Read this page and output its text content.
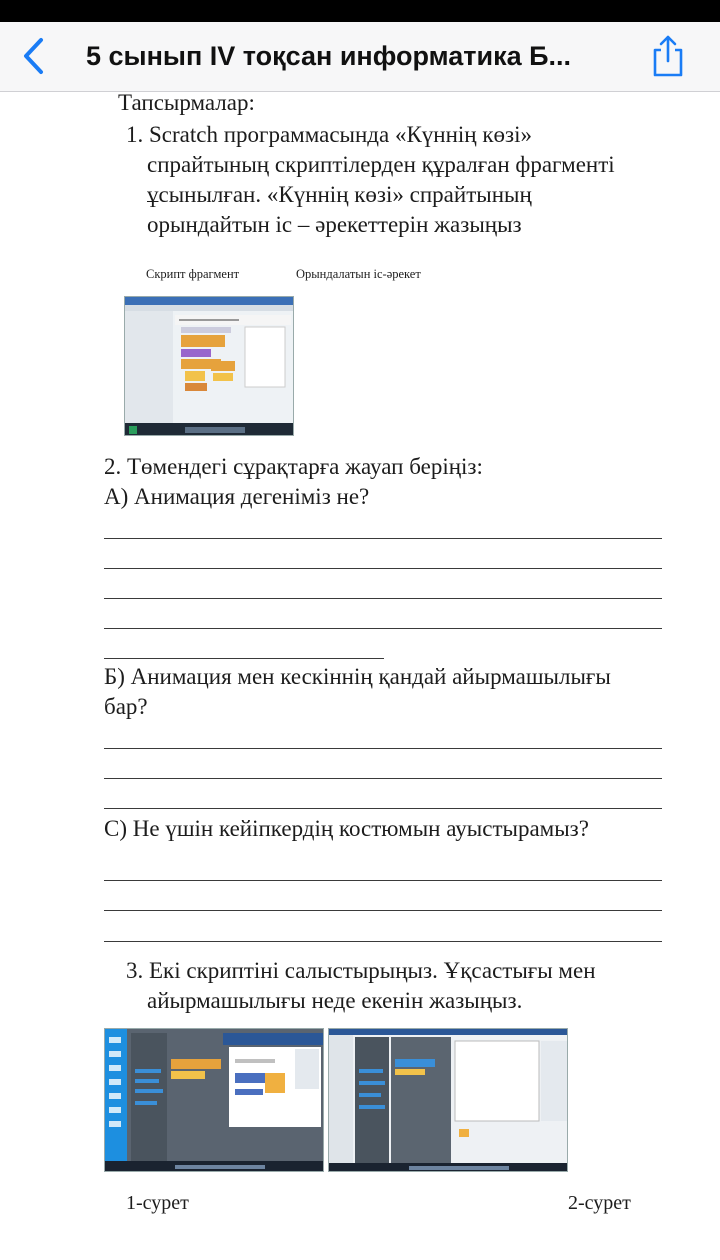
5 сынып IV тоқсан информатика Б...
Тапсырмалар:
1. Scratch программасында «Күннің көзі»
спрайтының скриптілерден құралған фрагменті
ұсынылған. «Күннің көзі» спрайтының
орындайтын іс – әрекеттерін жазыңыз
Скрипт фрагмент	Орындалатын іс-әрекет
2. Төмендегі сұрақтарға жауап беріңіз:
А) Анимация дегеніміз не?
Б) Анимация мен кескіннің қандай айырмашылығы
бар?
С) Не үшін кейіпкердің костюмын ауыстырамыз?
3. Екі скриптіні салыстырыңыз. Ұқсастығы мен
айырмашылығы неде екенін жазыңыз.
1-сурет	2-сурет
